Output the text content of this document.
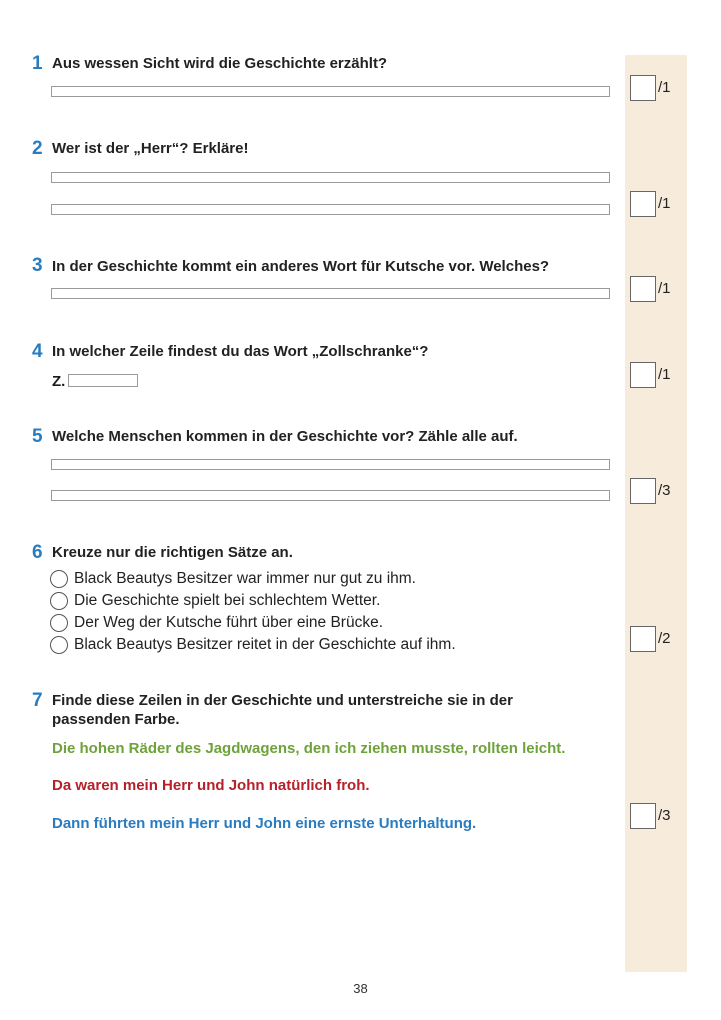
1 Aus wessen Sicht wird die Geschichte erzählt?
/1
2 Wer ist der „Herr“? Erkläre!
/1
3 In der Geschichte kommt ein anderes Wort für Kutsche vor. Welches?
/1
4 In welcher Zeile findest du das Wort „Zollschranke“?
Z.	/1
5 Welche Menschen kommen in der Geschichte vor? Zähle alle auf.
/3
6 Kreuze nur die richtigen Sätze an.
Black Beautys Besitzer war immer nur gut zu ihm.
Die Geschichte spielt bei schlechtem Wetter.
Der Weg der Kutsche führt über eine Brücke.
Black Beautys Besitzer reitet in der Geschichte auf ihm.	/2
7 Finde diese Zeilen in der Geschichte und unterstreiche sie in der
passenden Farbe.
Die hohen Räder des Jagdwagens, den ich ziehen musste, rollten leicht.
Da waren mein Herr und John natürlich froh.
Dann führten mein Herr und John eine ernste Unterhaltung.	/3
38
